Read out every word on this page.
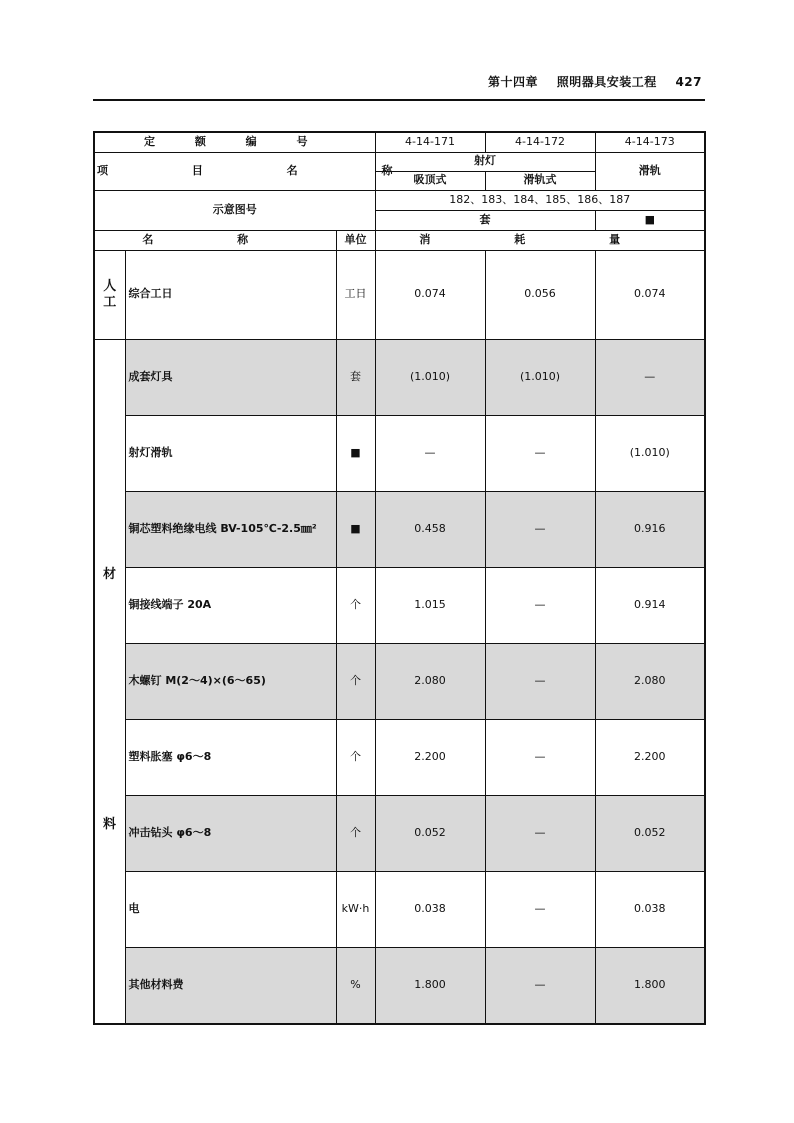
第十四章 照明器具安装工程 427
定 额 编 号			4-14-171	4-14-172	4-14-173
项 目 名 称			射灯		滑轨
			吸顶式	滑轨式	
示意图号			182、183、184、185、186、187		
			套		■
名 称		单位	消 耗 量		
人工	综合工日	工日	0.074	0.056	0.074

材
料	成套灯具	套	(1.010)	(1.010)	—
	射灯滑轨	■	—	—	(1.010)
	铜芯塑料绝缘电线 BV-105℃-2.5㎜²	■	0.458	—	0.916
	铜接线端子 20A	个	1.015	—	0.914
	木螺钉 M(2～4)×(6～65)	个	2.080	—	2.080
	塑料胀塞 φ6～8	个	2.200	—	2.200
	冲击钻头 φ6～8	个	0.052	—	0.052
	电	kW·h	0.038	—	0.038
	其他材料费	%	1.800	—	1.800
